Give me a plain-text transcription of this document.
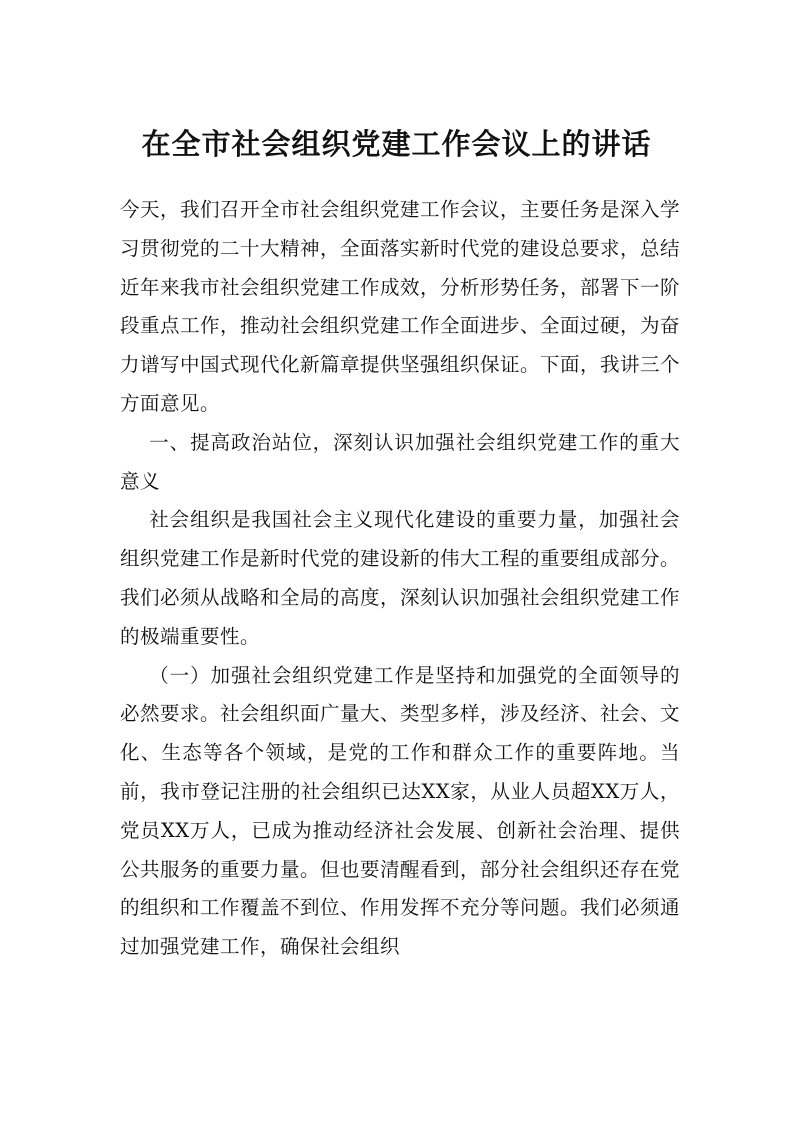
在全市社会组织党建工作会议上的讲话

今天，我们召开全市社会组织党建工作会议，主要任务是深入学习贯彻党的二十大精神，全面落实新时代党的建设总要求，总结近年来我市社会组织党建工作成效，分析形势任务，部署下一阶段重点工作，推动社会组织党建工作全面进步、全面过硬，为奋力谱写中国式现代化新篇章提供坚强组织保证。下面，我讲三个方面意见。

一、提高政治站位，深刻认识加强社会组织党建工作的重大意义

社会组织是我国社会主义现代化建设的重要力量，加强社会组织党建工作是新时代党的建设新的伟大工程的重要组成部分。我们必须从战略和全局的高度，深刻认识加强社会组织党建工作的极端重要性。

（一）加强社会组织党建工作是坚持和加强党的全面领导的必然要求。社会组织面广量大、类型多样，涉及经济、社会、文化、生态等各个领域，是党的工作和群众工作的重要阵地。当前，我市登记注册的社会组织已达XX家，从业人员超XX万人，党员XX万人，已成为推动经济社会发展、创新社会治理、提供公共服务的重要力量。但也要清醒看到，部分社会组织还存在党的组织和工作覆盖不到位、作用发挥不充分等问题。我们必须通过加强党建工作，确保社会组织
